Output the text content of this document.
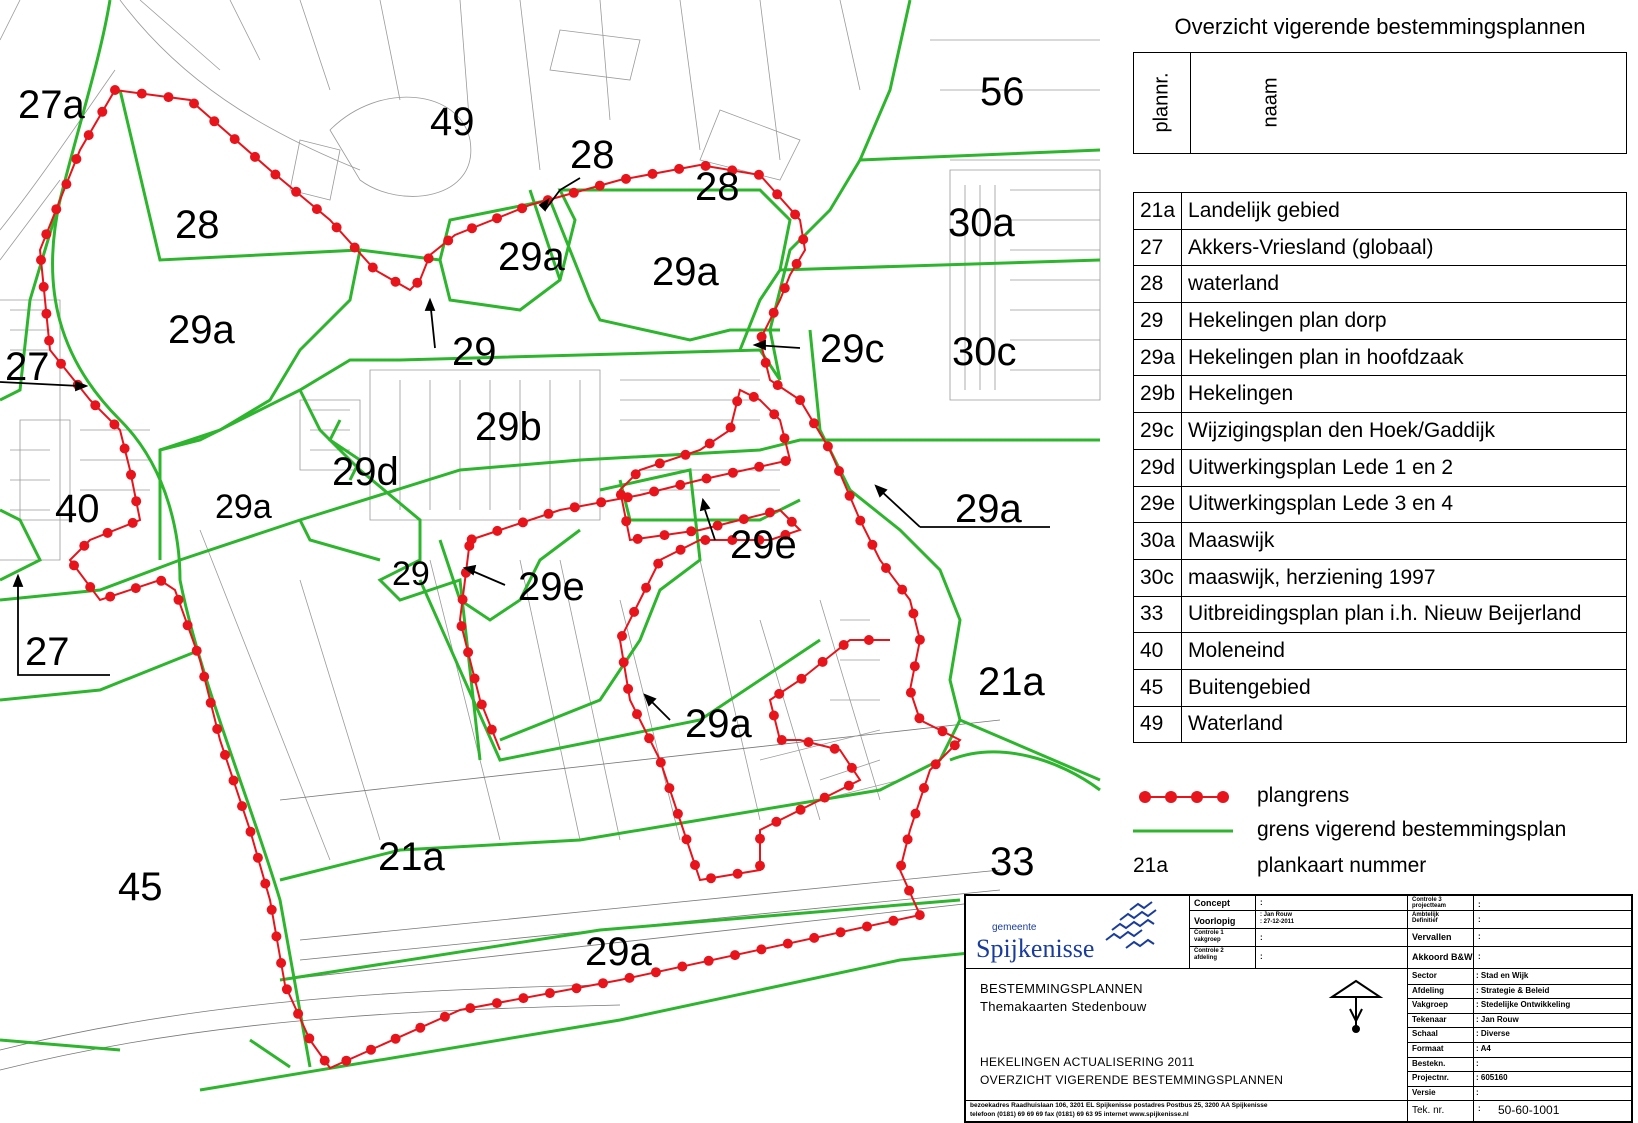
27a	49
56
28
28
28
30a
29a 29a
29a	29	29c 30c
27
29b
29d
40	29a	29a
29e
29 29e
27
21a
29a
21a	33
45
29a
Overzicht vigerende bestemmingsplannen
plannr.	naam
21a	Landelijk gebied
27	Akkers-Vriesland (globaal)
28	waterland
29	Hekelingen plan dorp
29a	Hekelingen plan in hoofdzaak
29b	Hekelingen
29c	Wijzigingsplan den Hoek/Gaddijk
29d	Uitwerkingsplan Lede 1 en 2
29e	Uitwerkingsplan Lede 3 en 4
30a	Maaswijk
30c	maaswijk, herziening 1997
33	Uitbreidingsplan plan i.h. Nieuw Beijerland
40	Moleneind
45	Buitengebied
49	Waterland
plangrens
grens vigerend bestemmingsplan
21a	plankaart nummer
gemeente
Spijkenisse
Concept	:
Voorlopig
: Jan Rouw
: 27-12-2011
Controle 1
vakgroep	:
Controle 2
afdeling	:
Controle 3
projectteam	:
Ambtelijk
Definitief	:
Vervallen	:
Akkoord B&W :
BESTEMMINGSPLANNEN
Themakaarten Stedenbouw
HEKELINGEN ACTUALISERING 2011
OVERZICHT VIGERENDE BESTEMMINGSPLANNEN
Sector	: Stad en Wijk
Afdeling	: Strategie & Beleid
Vakgroep	: Stedelijke Ontwikkeling
Tekenaar	: Jan Rouw
Schaal	: Diverse
Formaat	: A4
Bestekn.	:
Projectnr.	: 605160
Versie	:
bezoekadres Raadhuislaan 106, 3201 EL Spijkenisse postadres Postbus 25, 3200 AA Spijkenisse
telefoon (0181) 69 69 69 fax (0181) 69 63 95 internet www.spijkenisse.nl	Tek. nr.	: 50-60-1001
